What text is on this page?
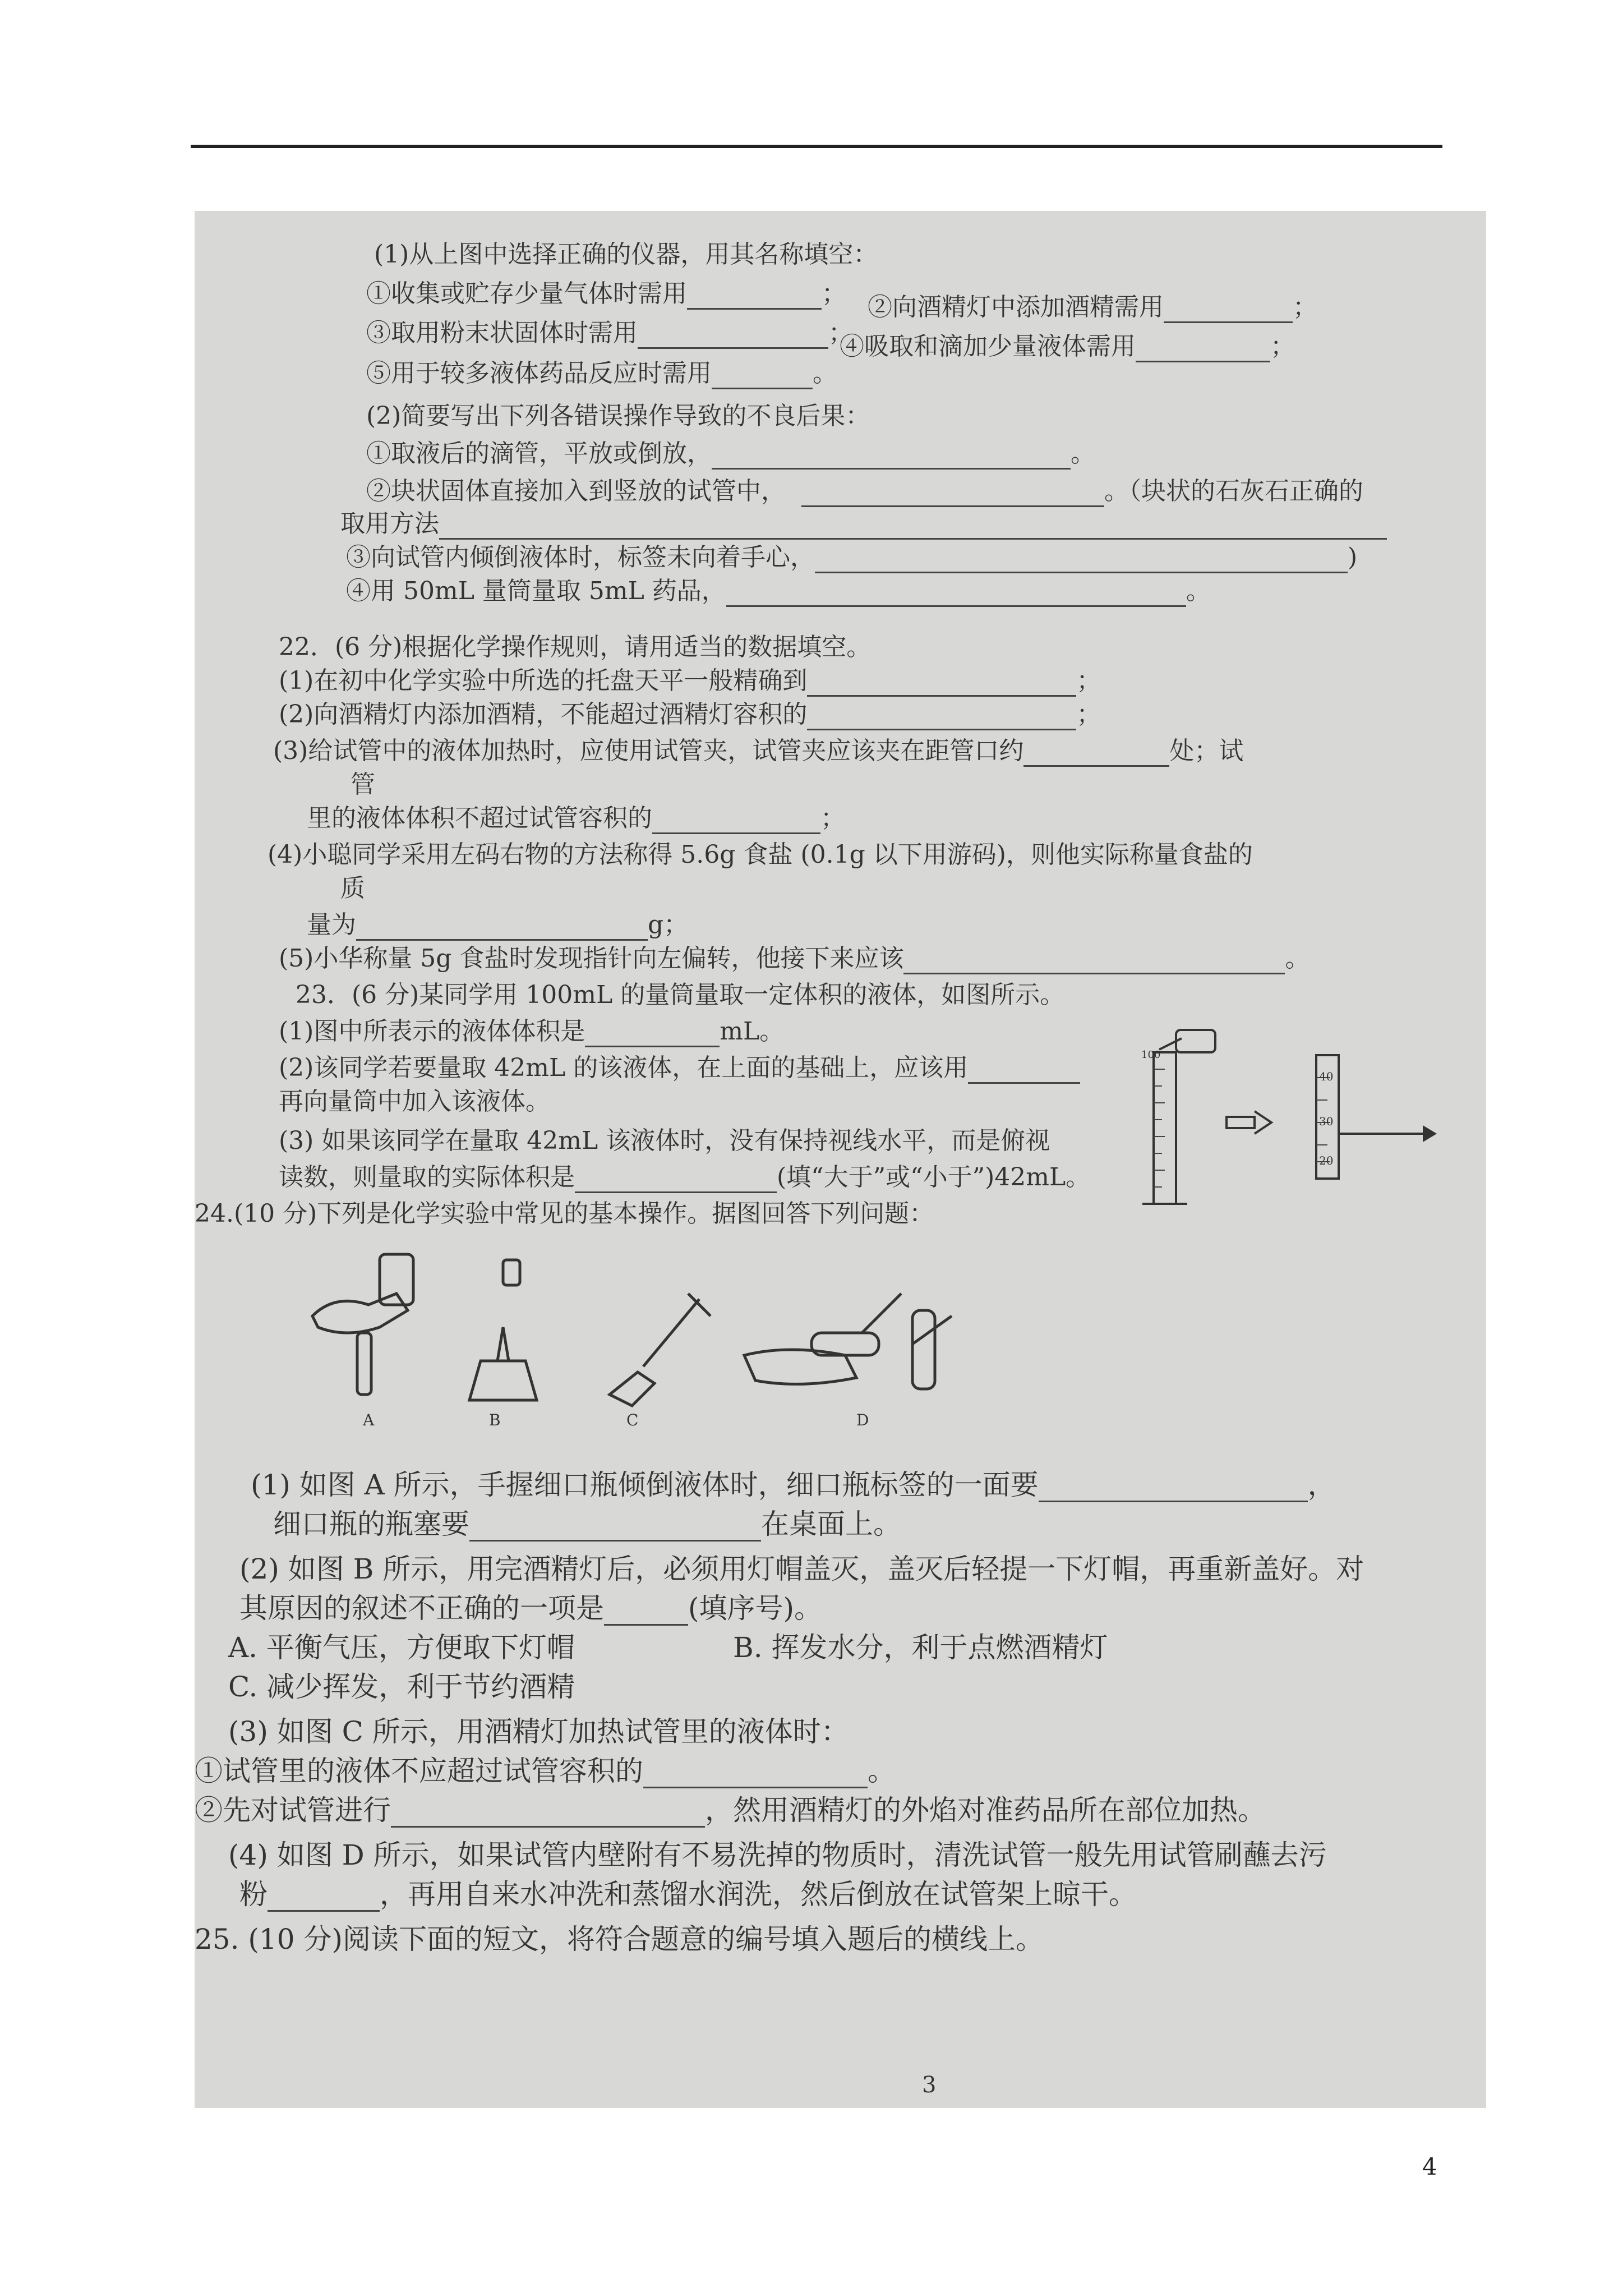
(1)从上图中选择正确的仪器，用其名称填空：
①收集或贮存少量气体时需用	； ②向酒精灯中添加酒精需用	；
③取用粉末状固体时需用	；
④吸取和滴加少量液体需用	；
⑤用于较多液体药品反应时需用	。
(2)简要写出下列各错误操作导致的不良后果：
①取液后的滴管，平放或倒放，	。
②块状固体直接加入到竖放的试管中，	。（块状的石灰石正确的
取用方法
③向试管内倾倒液体时，标签未向着手心，	)
④用 50mL 量筒量取 5mL 药品，	。
22．(6 分)根据化学操作规则，请用适当的数据填空。
(1)在初中化学实验中所选的托盘天平一般精确到	；
(2)向酒精灯内添加酒精，不能超过酒精灯容积的	；
(3)给试管中的液体加热时，应使用试管夹，试管夹应该夹在距管口约	处；试
管
里的液体体积不超过试管容积的	；
(4)小聪同学采用左码右物的方法称得 5.6g 食盐 (0.1g 以下用游码)，则他实际称量食盐的
质
量为	g；
(5)小华称量 5g 食盐时发现指针向左偏转，他接下来应该	。
23．(6 分)某同学用 100mL 的量筒量取一定体积的液体，如图所示。
(1)图中所表示的液体体积是	mL。
(2)该同学若要量取 42mL 的该液体，在上面的基础上，应该用
再向量筒中加入该液体。
(3) 如果该同学在量取 42mL 该液体时，没有保持视线水平，而是俯视
读数，则量取的实际体积是	(填“大于”或“小于”)42mL。
100
40
30
20
24.(10 分)下列是化学实验中常见的基本操作。据图回答下列问题：
A	B	C	D
(1) 如图 A 所示，手握细口瓶倾倒液体时，细口瓶标签的一面要	，
细口瓶的瓶塞要	在桌面上。
(2) 如图 B 所示，用完酒精灯后，必须用灯帽盖灭，盖灭后轻提一下灯帽，再重新盖好。对
其原因的叙述不正确的一项是	(填序号)。
A. 平衡气压，方便取下灯帽	B. 挥发水分，利于点燃酒精灯
C. 减少挥发，利于节约酒精
(3) 如图 C 所示，用酒精灯加热试管里的液体时：
①试管里的液体不应超过试管容积的	。
②先对试管进行	，然用酒精灯的外焰对准药品所在部位加热。
(4) 如图 D 所示，如果试管内壁附有不易洗掉的物质时，清洗试管一般先用试管刷蘸去污
粉	，再用自来水冲洗和蒸馏水润洗，然后倒放在试管架上晾干。
25. (10 分)阅读下面的短文，将符合题意的编号填入题后的横线上。
3
4
